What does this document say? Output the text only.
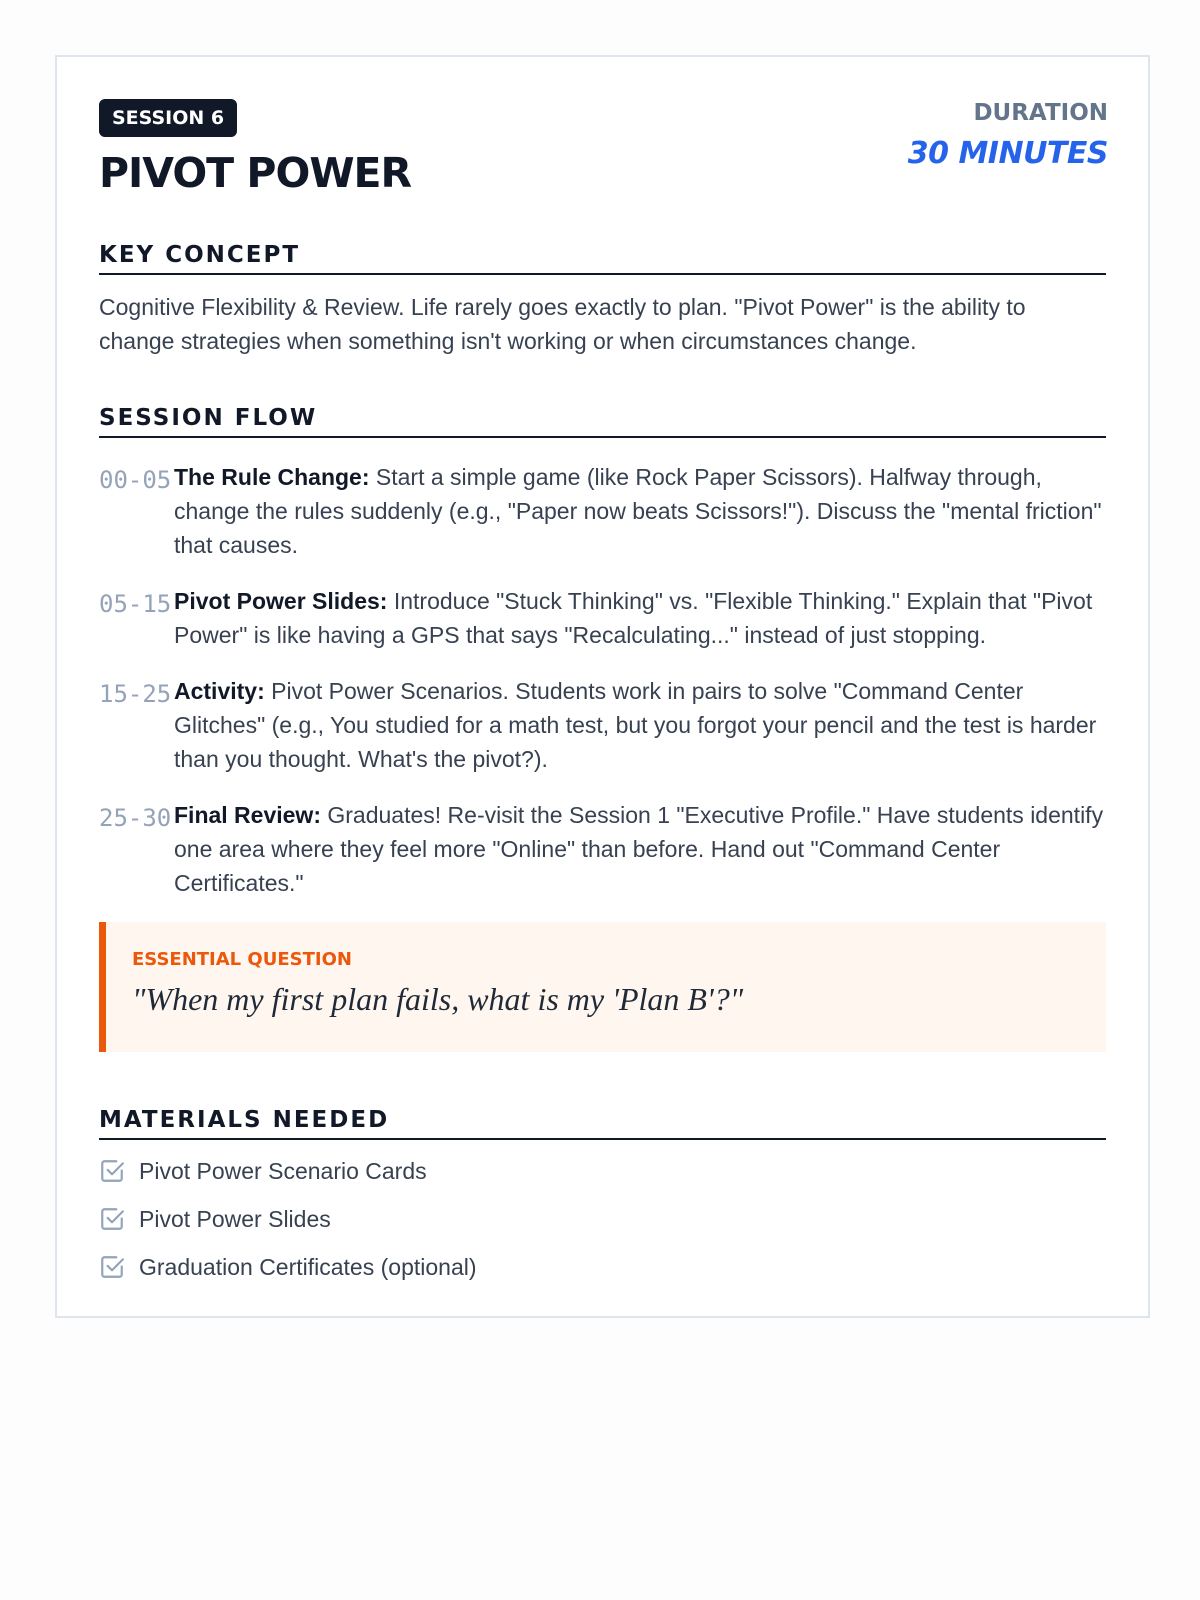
SESSION 6
PIVOT POWER
DURATION
30 MINUTES
KEY CONCEPT
Cognitive Flexibility & Review. Life rarely goes exactly to plan. "Pivot Power" is the ability to change strategies when something isn't working or when circumstances change.
SESSION FLOW
00-05 The Rule Change: Start a simple game (like Rock Paper Scissors). Halfway through, change the rules suddenly (e.g., "Paper now beats Scissors!"). Discuss the "mental friction" that causes.
05-15 Pivot Power Slides: Introduce "Stuck Thinking" vs. "Flexible Thinking." Explain that "Pivot Power" is like having a GPS that says "Recalculating..." instead of just stopping.
15-25 Activity: Pivot Power Scenarios. Students work in pairs to solve "Command Center Glitches" (e.g., You studied for a math test, but you forgot your pencil and the test is harder than you thought. What's the pivot?).
25-30 Final Review: Graduates! Re-visit the Session 1 "Executive Profile." Have students identify one area where they feel more "Online" than before. Hand out "Command Center Certificates."
ESSENTIAL QUESTION
"When my first plan fails, what is my 'Plan B'?"
MATERIALS NEEDED
Pivot Power Scenario Cards
Pivot Power Slides
Graduation Certificates (optional)
